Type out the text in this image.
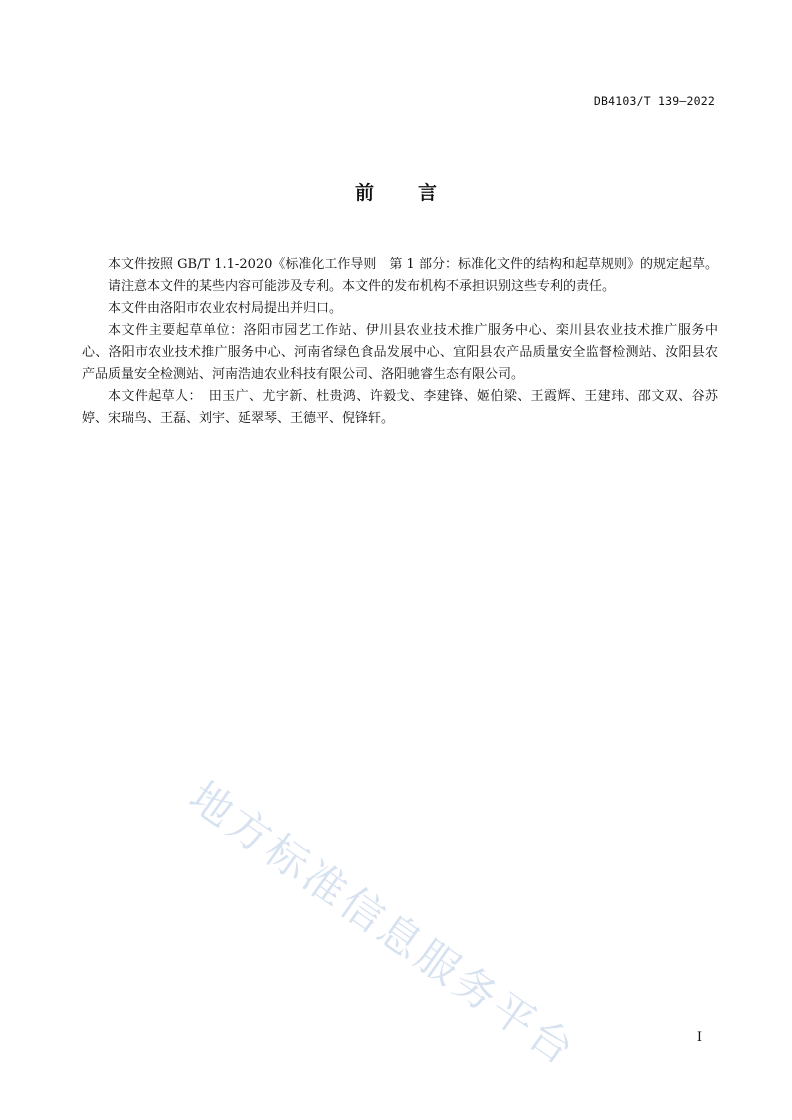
DB4103/T 139—2022
前 言

本文件按照 GB/T 1.1-2020《标准化工作导则　第 1 部分：标准化文件的结构和起草规则》的规定起草。

请注意本文件的某些内容可能涉及专利。本文件的发布机构不承担识别这些专利的责任。

本文件由洛阳市农业农村局提出并归口。

本文件主要起草单位：洛阳市园艺工作站、伊川县农业技术推广服务中心、栾川县农业技术推广服务中心、洛阳市农业技术推广服务中心、河南省绿色食品发展中心、宜阳县农产品质量安全监督检测站、汝阳县农产品质量安全检测站、河南浩迪农业科技有限公司、洛阳驰睿生态有限公司。

本文件起草人：　田玉广、尤宇新、杜贵鸿、许毅戈、李建锋、姬伯梁、王霞辉、王建玮、邵文双、谷苏婷、宋瑞鸟、王磊、刘宇、延翠琴、王德平、倪锋轩。

地方标准信息服务平台	I
